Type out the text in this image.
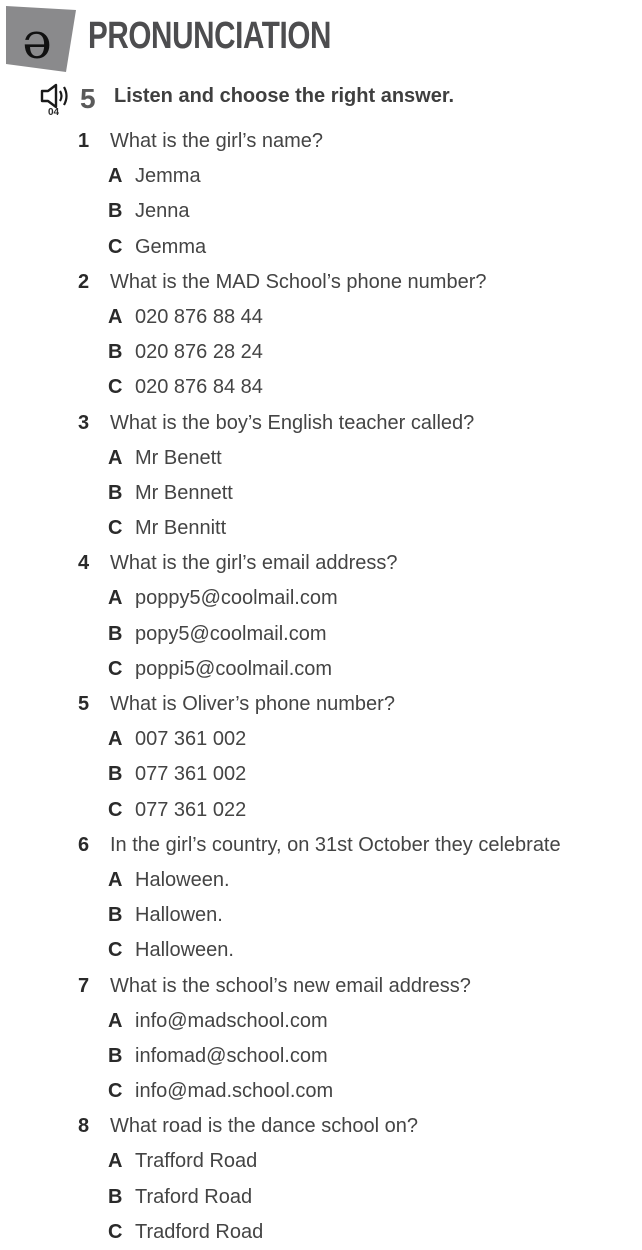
ə PRONUNCIATION
04 5 Listen and choose the right answer.
1 What is the girl’s name?
A Jemma
B Jenna
C Gemma
2 What is the MAD School’s phone number?
A 020 876 88 44
B 020 876 28 24
C 020 876 84 84
3 What is the boy’s English teacher called?
A Mr Benett
B Mr Bennett
C Mr Bennitt
4 What is the girl’s email address?
A poppy5@coolmail.com
B popy5@coolmail.com
C poppi5@coolmail.com
5 What is Oliver’s phone number?
A 007 361 002
B 077 361 002
C 077 361 022
6 In the girl’s country, on 31st October they celebrate
A Haloween.
B Hallowen.
C Halloween.
7 What is the school’s new email address?
A info@madschool.com
B infomad@school.com
C info@mad.school.com
8 What road is the dance school on?
A Trafford Road
B Traford Road
C Tradford Road
